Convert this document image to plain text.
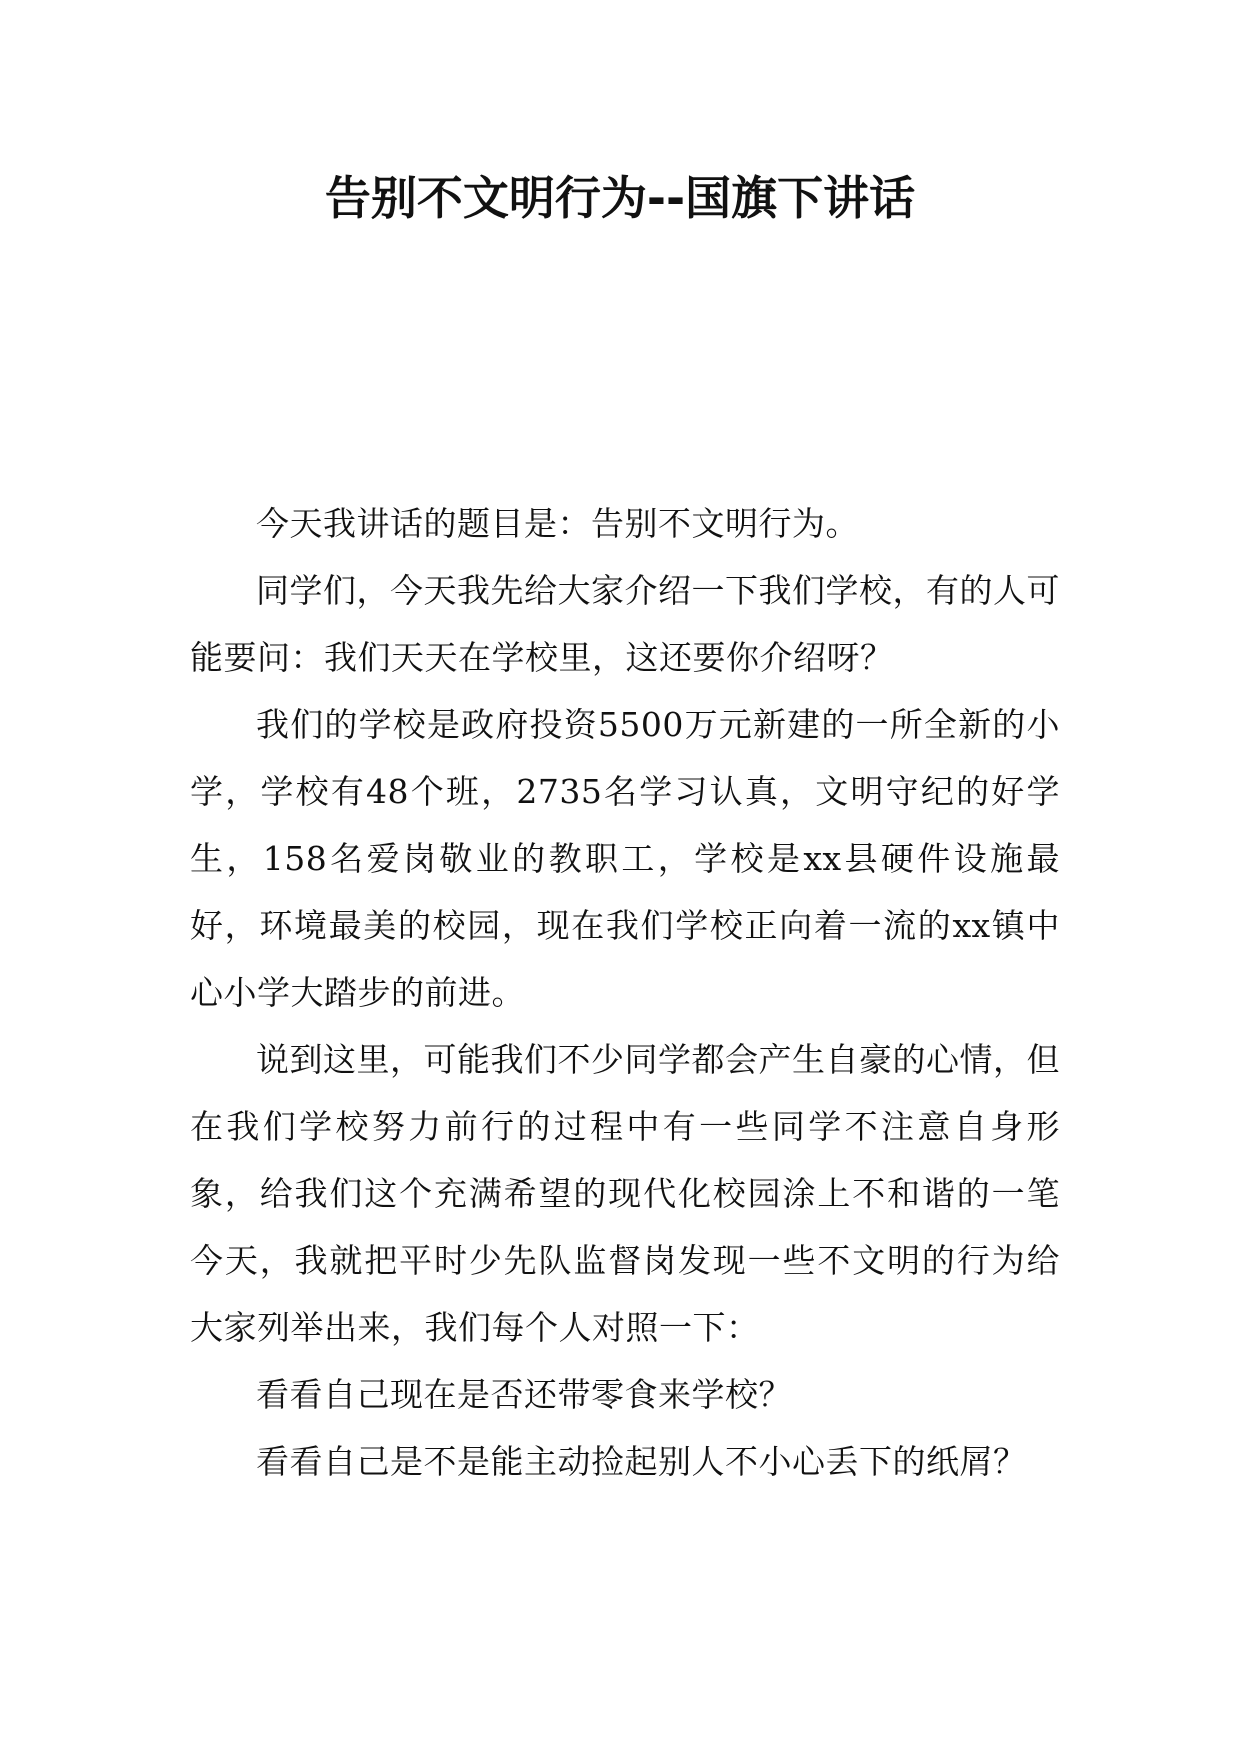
告别不文明行为--国旗下讲话

今天我讲话的题目是：告别不文明行为。

同学们，今天我先给大家介绍一下我们学校，有的人可能要问：我们天天在学校里，这还要你介绍呀？

我们的学校是政府投资5500万元新建的一所全新的小学，学校有48个班，2735名学习认真，文明守纪的好学生，158名爱岗敬业的教职工，学校是xx县硬件设施最好，环境最美的校园，现在我们学校正向着一流的xx镇中心小学大踏步的前进。

说到这里，可能我们不少同学都会产生自豪的心情，但在我们学校努力前行的过程中有一些同学不注意自身形象，给我们这个充满希望的现代化校园涂上不和谐的一笔今天，我就把平时少先队监督岗发现一些不文明的行为给大家列举出来，我们每个人对照一下：

看看自己现在是否还带零食来学校？

看看自己是不是能主动捡起别人不小心丢下的纸屑？
